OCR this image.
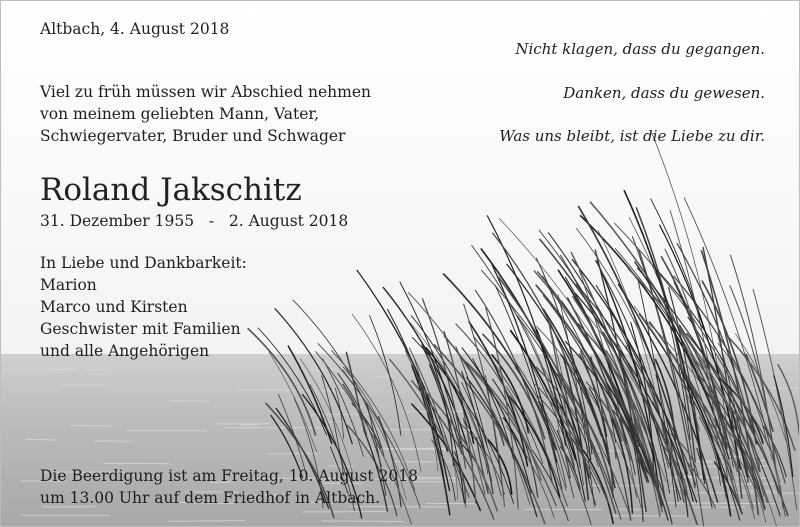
Altbach, 4. August 2018
Nicht klagen, dass du gegangen.
Danken, dass du gewesen.
Was uns bleibt, ist die Liebe zu dir.
Viel zu früh müssen wir Abschied nehmen
von meinem geliebten Mann, Vater,
Schwiegervater, Bruder und Schwager
Roland Jakschitz
31. Dezember 1955   -   2. August 2018
In Liebe und Dankbarkeit:
Marion
Marco und Kirsten
Geschwister mit Familien
und alle Angehörigen
Die Beerdigung ist am Freitag, 10. August 2018
um 13.00 Uhr auf dem Friedhof in Altbach.
